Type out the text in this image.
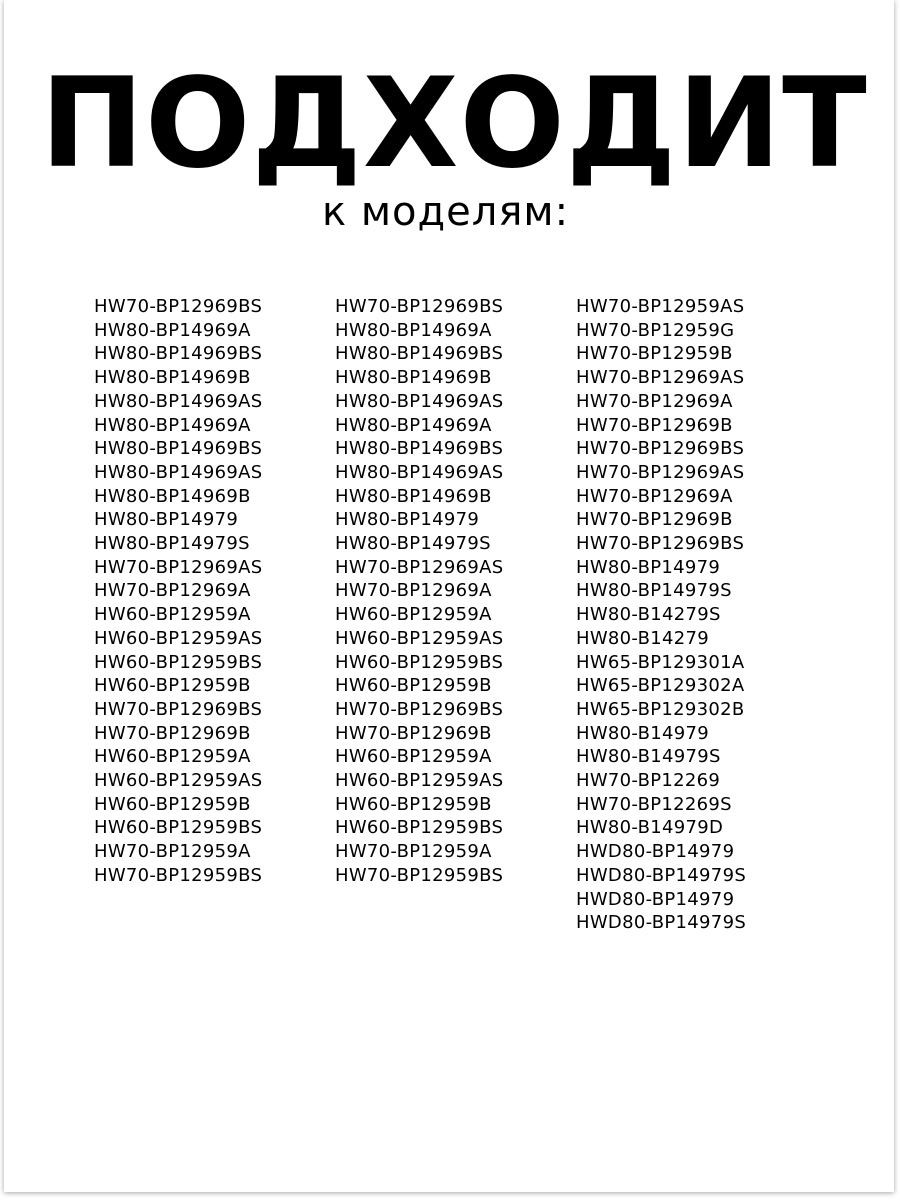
ПОДХОДИТ
к моделям:
HW70-BP12969BS
HW80-BP14969A
HW80-BP14969BS
HW80-BP14969B
HW80-BP14969AS
HW80-BP14969A
HW80-BP14969BS
HW80-BP14969AS
HW80-BP14969B
HW80-BP14979
HW80-BP14979S
HW70-BP12969AS
HW70-BP12969A
HW60-BP12959A
HW60-BP12959AS
HW60-BP12959BS
HW60-BP12959B
HW70-BP12969BS
HW70-BP12969B
HW60-BP12959A
HW60-BP12959AS
HW60-BP12959B
HW60-BP12959BS
HW70-BP12959A
HW70-BP12959BS
HW70-BP12969BS
HW80-BP14969A
HW80-BP14969BS
HW80-BP14969B
HW80-BP14969AS
HW80-BP14969A
HW80-BP14969BS
HW80-BP14969AS
HW80-BP14969B
HW80-BP14979
HW80-BP14979S
HW70-BP12969AS
HW70-BP12969A
HW60-BP12959A
HW60-BP12959AS
HW60-BP12959BS
HW60-BP12959B
HW70-BP12969BS
HW70-BP12969B
HW60-BP12959A
HW60-BP12959AS
HW60-BP12959B
HW60-BP12959BS
HW70-BP12959A
HW70-BP12959BS
HW70-BP12959AS
HW70-BP12959G
HW70-BP12959B
HW70-BP12969AS
HW70-BP12969A
HW70-BP12969B
HW70-BP12969BS
HW70-BP12969AS
HW70-BP12969A
HW70-BP12969B
HW70-BP12969BS
HW80-BP14979
HW80-BP14979S
HW80-B14279S
HW80-B14279
HW65-BP129301A
HW65-BP129302A
HW65-BP129302B
HW80-B14979
HW80-B14979S
HW70-BP12269
HW70-BP12269S
HW80-B14979D
HWD80-BP14979
HWD80-BP14979S
HWD80-BP14979
HWD80-BP14979S
